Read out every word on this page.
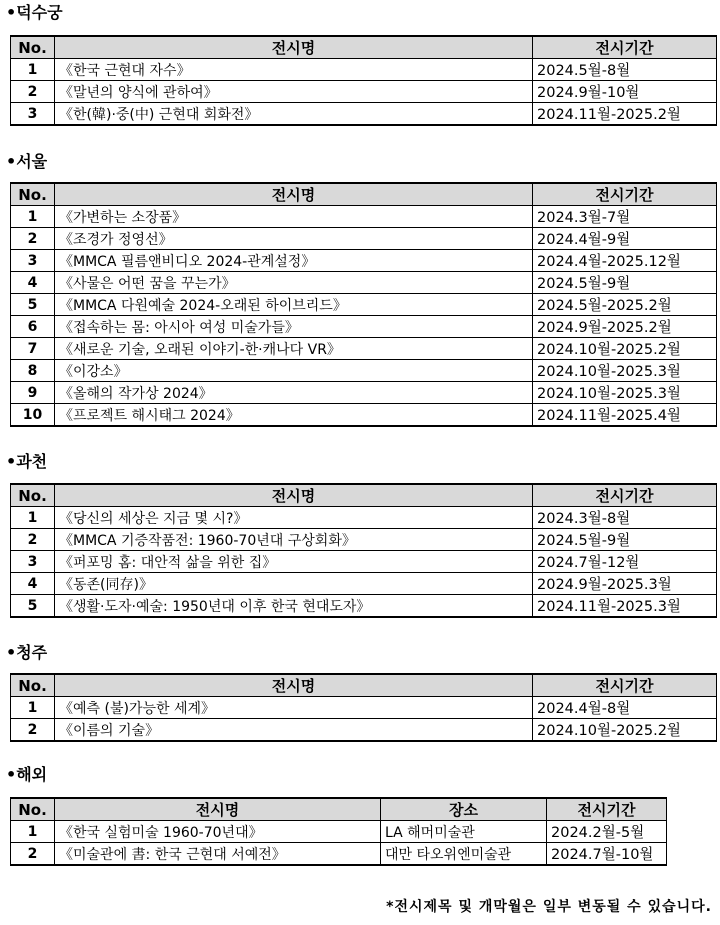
•덕수궁
No.	전시명	전시기간
1	《한국 근현대 자수》	2024.5월-8월
2	《말년의 양식에 관하여》	2024.9월-10월
3	《한(韓)·중(中) 근현대 회화전》	2024.11월-2025.2월
•서울
No.	전시명	전시기간
1	《가변하는 소장품》	2024.3월-7월
2	《조경가 정영선》	2024.4월-9월
3	《MMCA 필름앤비디오 2024-관계설정》	2024.4월-2025.12월
4	《사물은 어떤 꿈을 꾸는가》	2024.5월-9월
5	《MMCA 다원예술 2024-오래된 하이브리드》	2024.5월-2025.2월
6	《접속하는 몸: 아시아 여성 미술가들》	2024.9월-2025.2월
7	《새로운 기술, 오래된 이야기-한·캐나다 VR》	2024.10월-2025.2월
8	《이강소》	2024.10월-2025.3월
9	《올해의 작가상 2024》	2024.10월-2025.3월
10	《프로젝트 해시태그 2024》	2024.11월-2025.4월
•과천
No.	전시명	전시기간
1	《당신의 세상은 지금 몇 시?》	2024.3월-8월
2	《MMCA 기증작품전: 1960-70년대 구상회화》	2024.5월-9월
3	《퍼포밍 홈: 대안적 삶을 위한 집》	2024.7월-12월
4	《동존(同存)》	2024.9월-2025.3월
5	《생활·도자·예술: 1950년대 이후 한국 현대도자》	2024.11월-2025.3월
•청주
No.	전시명	전시기간
1	《예측 (불)가능한 세계》	2024.4월-8월
2	《이름의 기술》	2024.10월-2025.2월
•해외
No.	전시명	장소	전시기간
1	《한국 실험미술 1960-70년대》	LA 해머미술관	2024.2월-5월
2	《미술관에 書: 한국 근현대 서예전》	대만 타오위엔미술관	2024.7월-10월
*전시제목 및 개막월은 일부 변동될 수 있습니다.
